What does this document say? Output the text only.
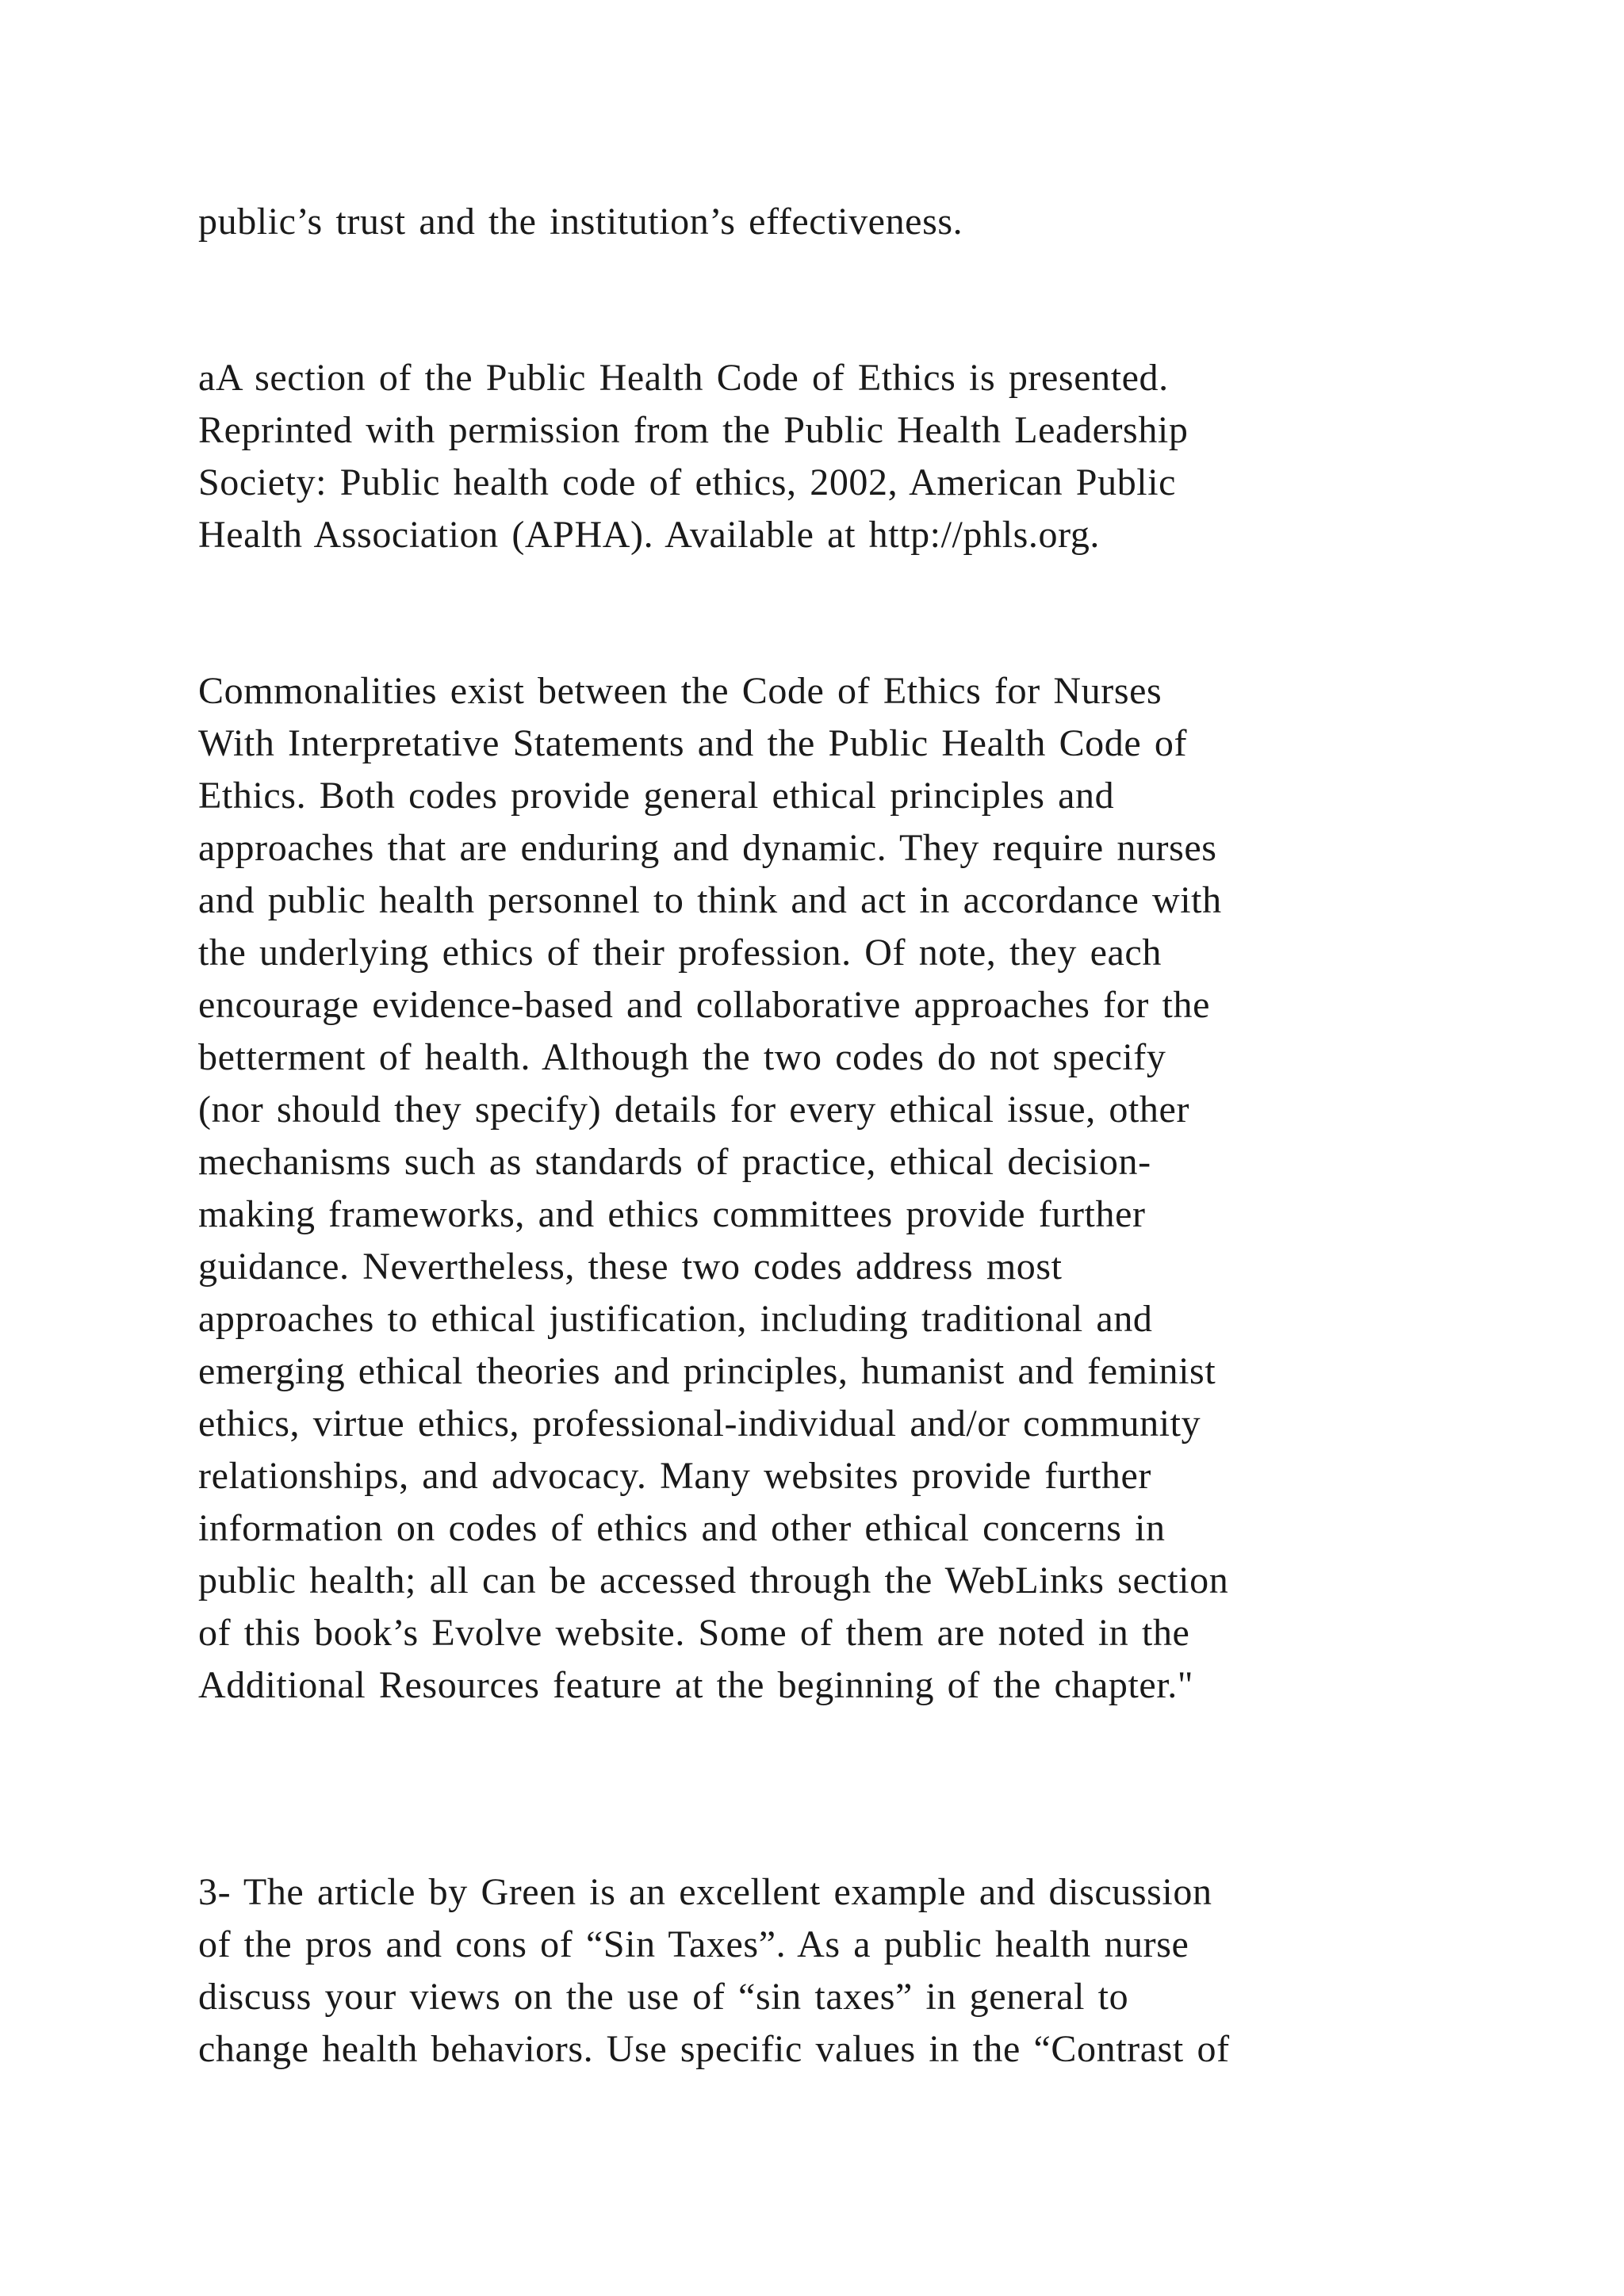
public’s trust and the institution’s effectiveness.

aA section of the Public Health Code of Ethics is presented.
Reprinted with permission from the Public Health Leadership
Society: Public health code of ethics, 2002, American Public
Health Association (APHA). Available at http://phls.org.

Commonalities exist between the Code of Ethics for Nurses
With Interpretative Statements and the Public Health Code of
Ethics. Both codes provide general ethical principles and
approaches that are enduring and dynamic. They require nurses
and public health personnel to think and act in accordance with
the underlying ethics of their profession. Of note, they each
encourage evidence-based and collaborative approaches for the
betterment of health. Although the two codes do not specify
(nor should they specify) details for every ethical issue, other
mechanisms such as standards of practice, ethical decision-
making frameworks, and ethics committees provide further
guidance. Nevertheless, these two codes address most
approaches to ethical justification, including traditional and
emerging ethical theories and principles, humanist and feminist
ethics, virtue ethics, professional-individual and/or community
relationships, and advocacy. Many websites provide further
information on codes of ethics and other ethical concerns in
public health; all can be accessed through the WebLinks section
of this book’s Evolve website. Some of them are noted in the
Additional Resources feature at the beginning of the chapter."

3- The article by Green is an excellent example and discussion
of the pros and cons of “Sin Taxes”. As a public health nurse
discuss your views on the use of “sin taxes” in general to
change health behaviors. Use specific values in the “Contrast of
